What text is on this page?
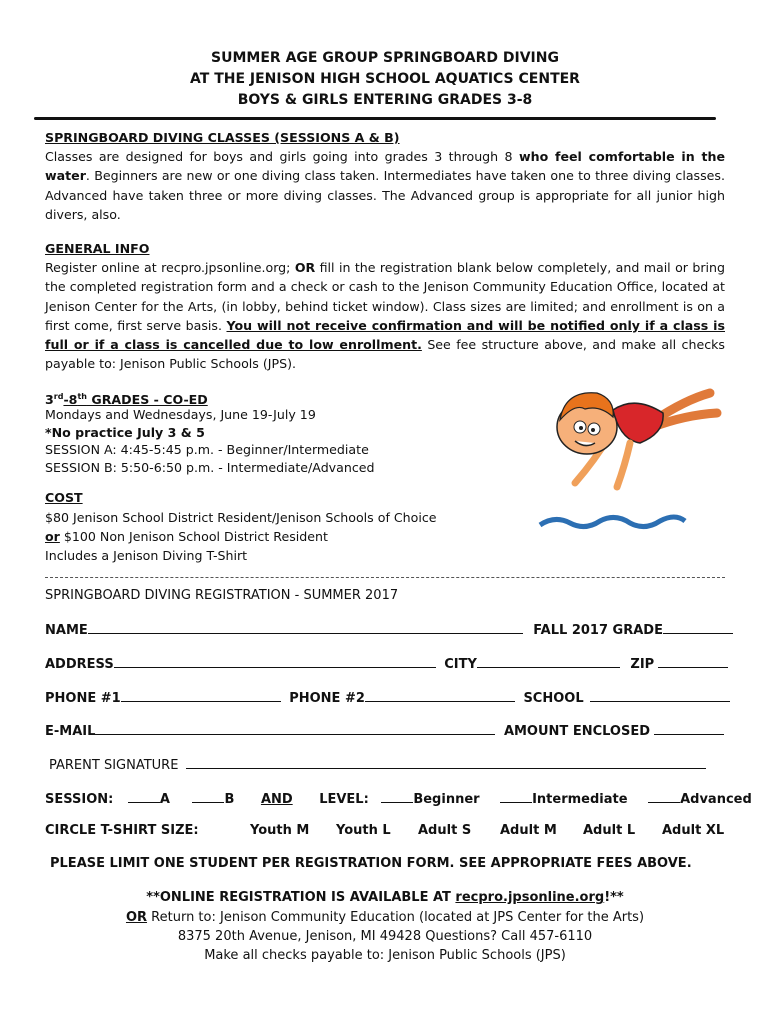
SUMMER AGE GROUP SPRINGBOARD DIVING
AT THE JENISON HIGH SCHOOL AQUATICS CENTER
BOYS & GIRLS ENTERING GRADES 3-8
SPRINGBOARD DIVING CLASSES (SESSIONS A & B)
Classes are designed for boys and girls going into grades 3 through 8 who feel comfortable in the water. Beginners are new or one diving class taken. Intermediates have taken one to three diving classes. Advanced have taken three or more diving classes. The Advanced group is appropriate for all junior high divers, also.
GENERAL INFO
Register online at recpro.jpsonline.org; OR fill in the registration blank below completely, and mail or bring the completed registration form and a check or cash to the Jenison Community Education Office, located at Jenison Center for the Arts, (in lobby, behind ticket window). Class sizes are limited; and enrollment is on a first come, first serve basis. You will not receive confirmation and will be notified only if a class is full or if a class is cancelled due to low enrollment. See fee structure above, and make all checks payable to: Jenison Public Schools (JPS).
3rd-8th GRADES - CO-ED
Mondays and Wednesdays, June 19-July 19
*No practice July 3 & 5
SESSION A: 4:45-5:45 p.m. - Beginner/Intermediate
SESSION B: 5:50-6:50 p.m. - Intermediate/Advanced
COST
$80 Jenison School District Resident/Jenison Schools of Choice
or $100 Non Jenison School District Resident
Includes a Jenison Diving T-Shirt
SPRINGBOARD DIVING REGISTRATION - SUMMER 2017
NAME	FALL 2017 GRADE
ADDRESS	CITY	ZIP
PHONE #1	PHONE #2	SCHOOL
E-MAIL	AMOUNT ENCLOSED
PARENT SIGNATURE
SESSION:	A	B AND LEVEL:	Beginner	Intermediate	Advanced
CIRCLE T-SHIRT SIZE:	Youth M Youth L Adult S Adult M Adult L Adult XL
PLEASE LIMIT ONE STUDENT PER REGISTRATION FORM. SEE APPROPRIATE FEES ABOVE.
**ONLINE REGISTRATION IS AVAILABLE AT recpro.jpsonline.org!**
OR Return to: Jenison Community Education (located at JPS Center for the Arts)
8375 20th Avenue, Jenison, MI 49428 Questions? Call 457-6110
Make all checks payable to: Jenison Public Schools (JPS)
